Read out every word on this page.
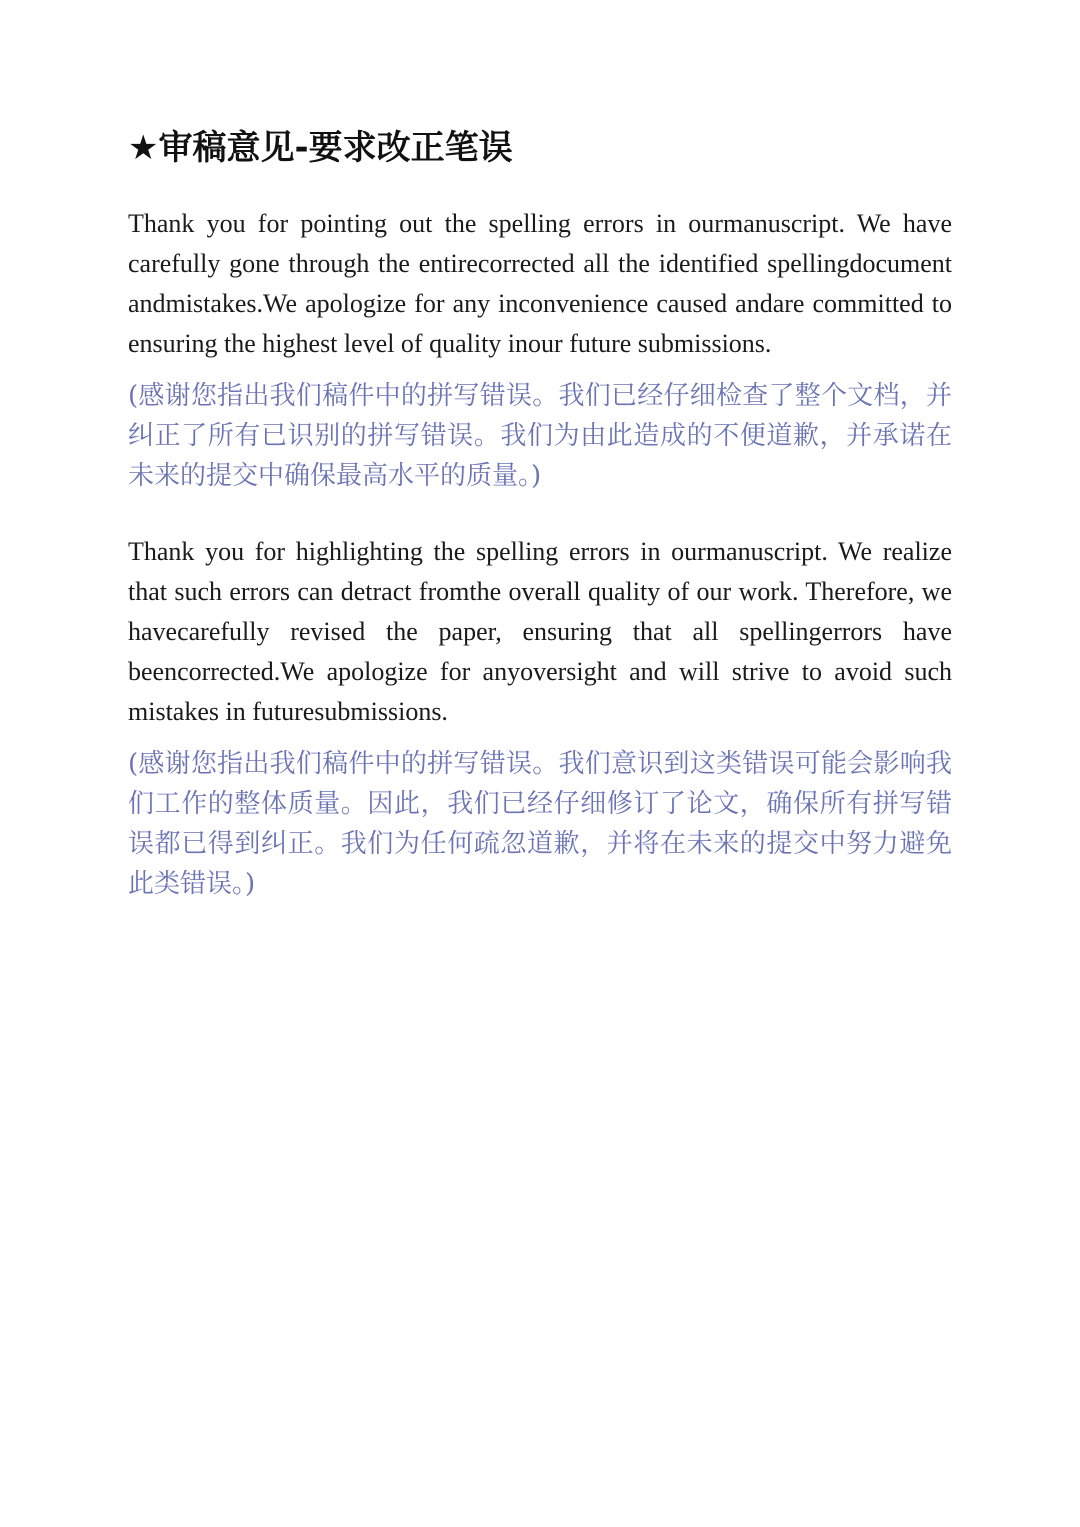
★审稿意见-要求改正笔误

Thank you for pointing out the spelling errors in ourmanuscript. We have carefully gone through the entirecorrected all the identified spellingdocument andmistakes.We apologize for any inconvenience caused andare committed to ensuring the highest level of quality inour future submissions.

(感谢您指出我们稿件中的拼写错误。我们已经仔细检查了整个文档，并纠正了所有已识别的拼写错误。我们为由此造成的不便道歉，并承诺在未来的提交中确保最高水平的质量。)

Thank you for highlighting the spelling errors in ourmanuscript. We realize that such errors can detract fromthe overall quality of our work. Therefore, we havecarefully revised the paper, ensuring that all spellingerrors have beencorrected.We apologize for anyoversight and will strive to avoid such mistakes in futuresubmissions.

(感谢您指出我们稿件中的拼写错误。我们意识到这类错误可能会影响我们工作的整体质量。因此，我们已经仔细修订了论文，确保所有拼写错误都已得到纠正。我们为任何疏忽道歉，并将在未来的提交中努力避免此类错误。)
